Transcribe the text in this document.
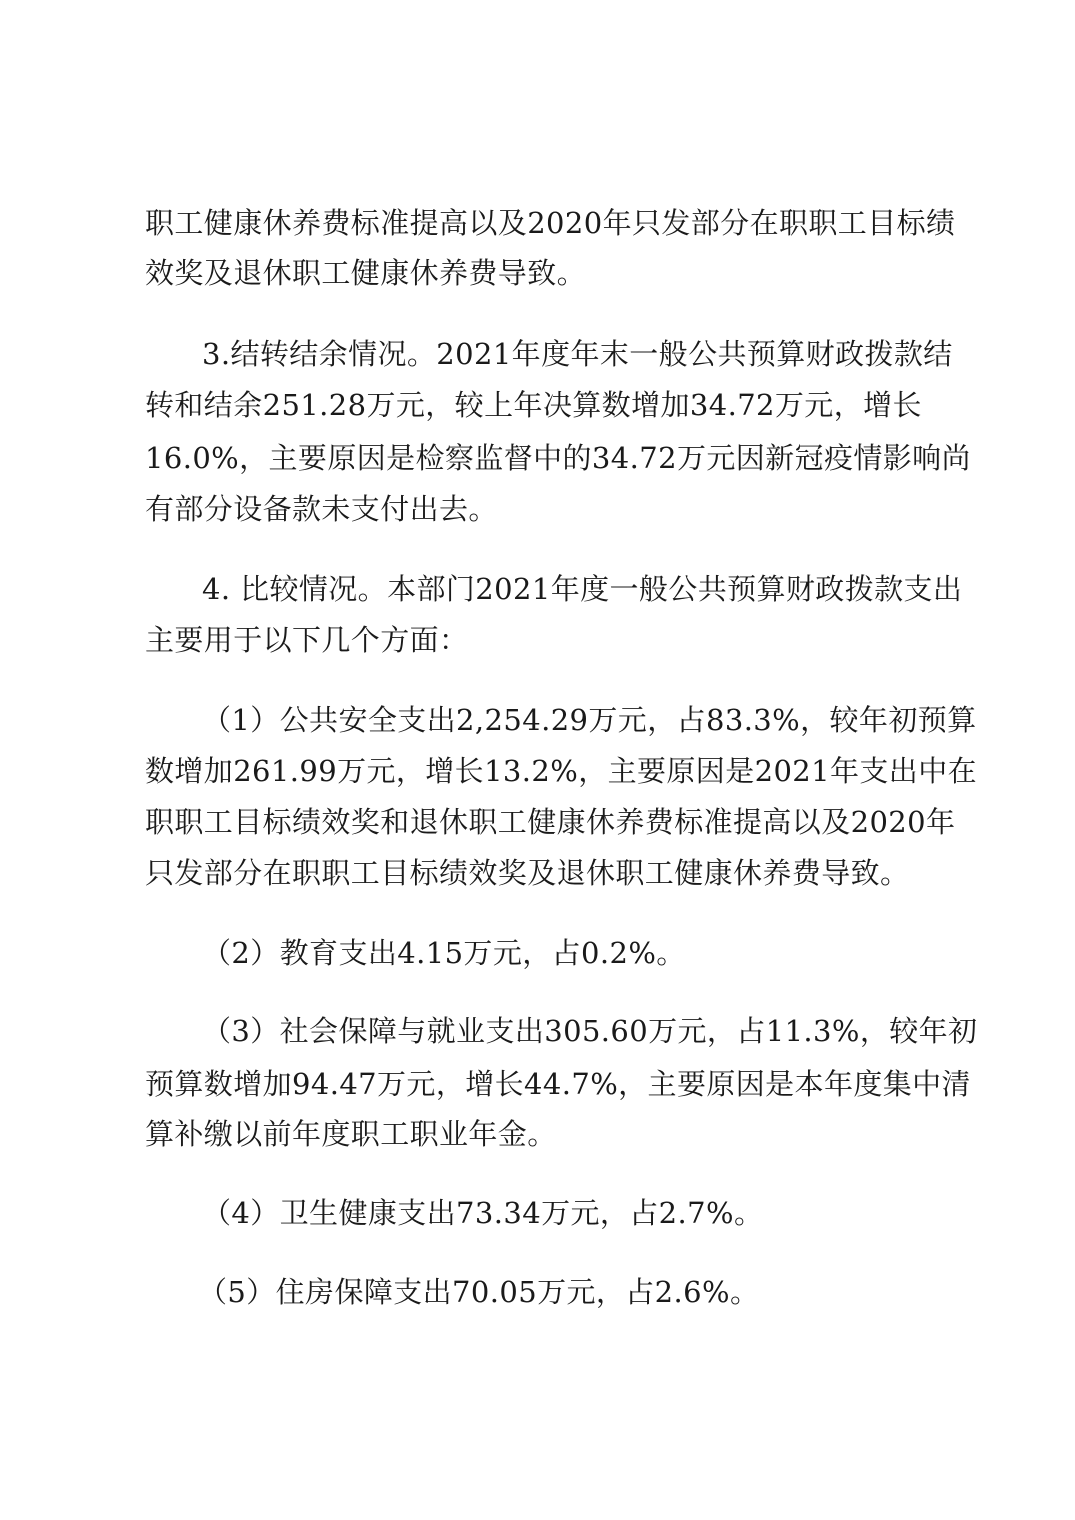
职工健康休养费标准提高以及2020年只发部分在职职工目标绩
效奖及退休职工健康休养费导致。
3.结转结余情况。2021年度年末一般公共预算财政拨款结
转和结余251.28万元，较上年决算数增加34.72万元，增长
16.0%，主要原因是检察监督中的34.72万元因新冠疫情影响尚
有部分设备款未支付出去。
4. 比较情况。本部门2021年度一般公共预算财政拨款支出
主要用于以下几个方面：
（1）公共安全支出2,254.29万元，占83.3%，较年初预算
数增加261.99万元，增长13.2%，主要原因是2021年支出中在
职职工目标绩效奖和退休职工健康休养费标准提高以及2020年
只发部分在职职工目标绩效奖及退休职工健康休养费导致。
（2）教育支出4.15万元，占0.2%。
（3）社会保障与就业支出305.60万元，占11.3%，较年初
预算数增加94.47万元，增长44.7%，主要原因是本年度集中清
算补缴以前年度职工职业年金。
（4）卫生健康支出73.34万元，占2.7%。
（5）住房保障支出70.05万元，占2.6%。
